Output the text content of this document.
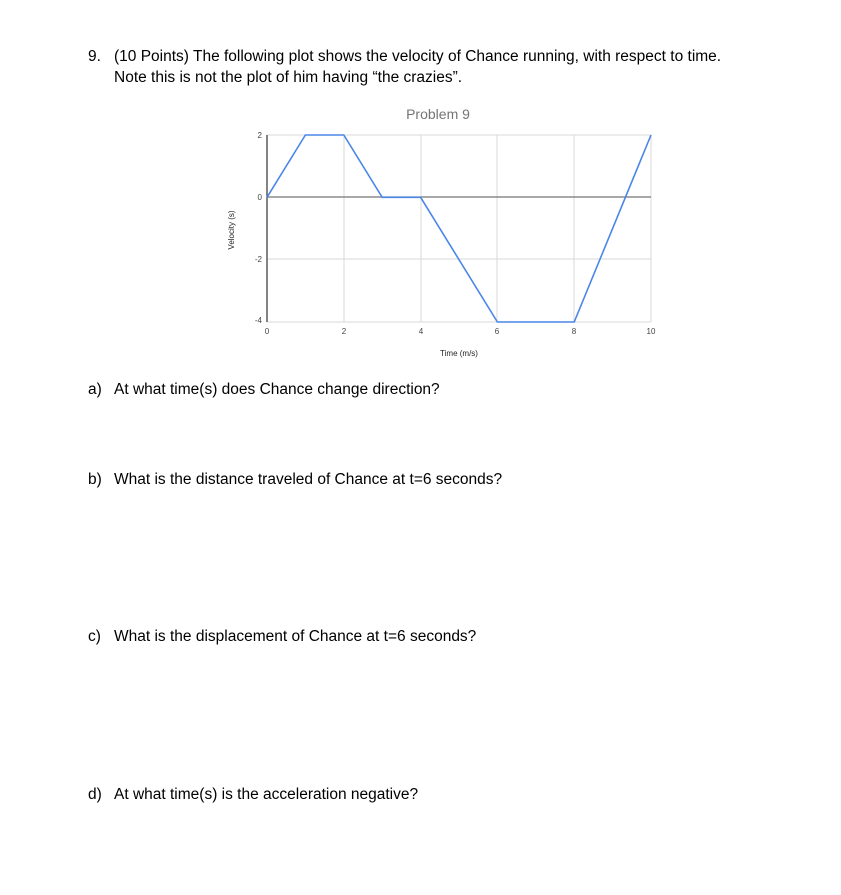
9. (10 Points) The following plot shows the velocity of Chance running, with respect to time.
Note this is not the plot of him having “the crazies”.
Problem 9
2
0
-2
-4
0	2	4	6	8	10
Time (m/s)
Velocity (s)
a) At what time(s) does Chance change direction?
b) What is the distance traveled of Chance at t=6 seconds?
c) What is the displacement of Chance at t=6 seconds?
d) At what time(s) is the acceleration negative?
